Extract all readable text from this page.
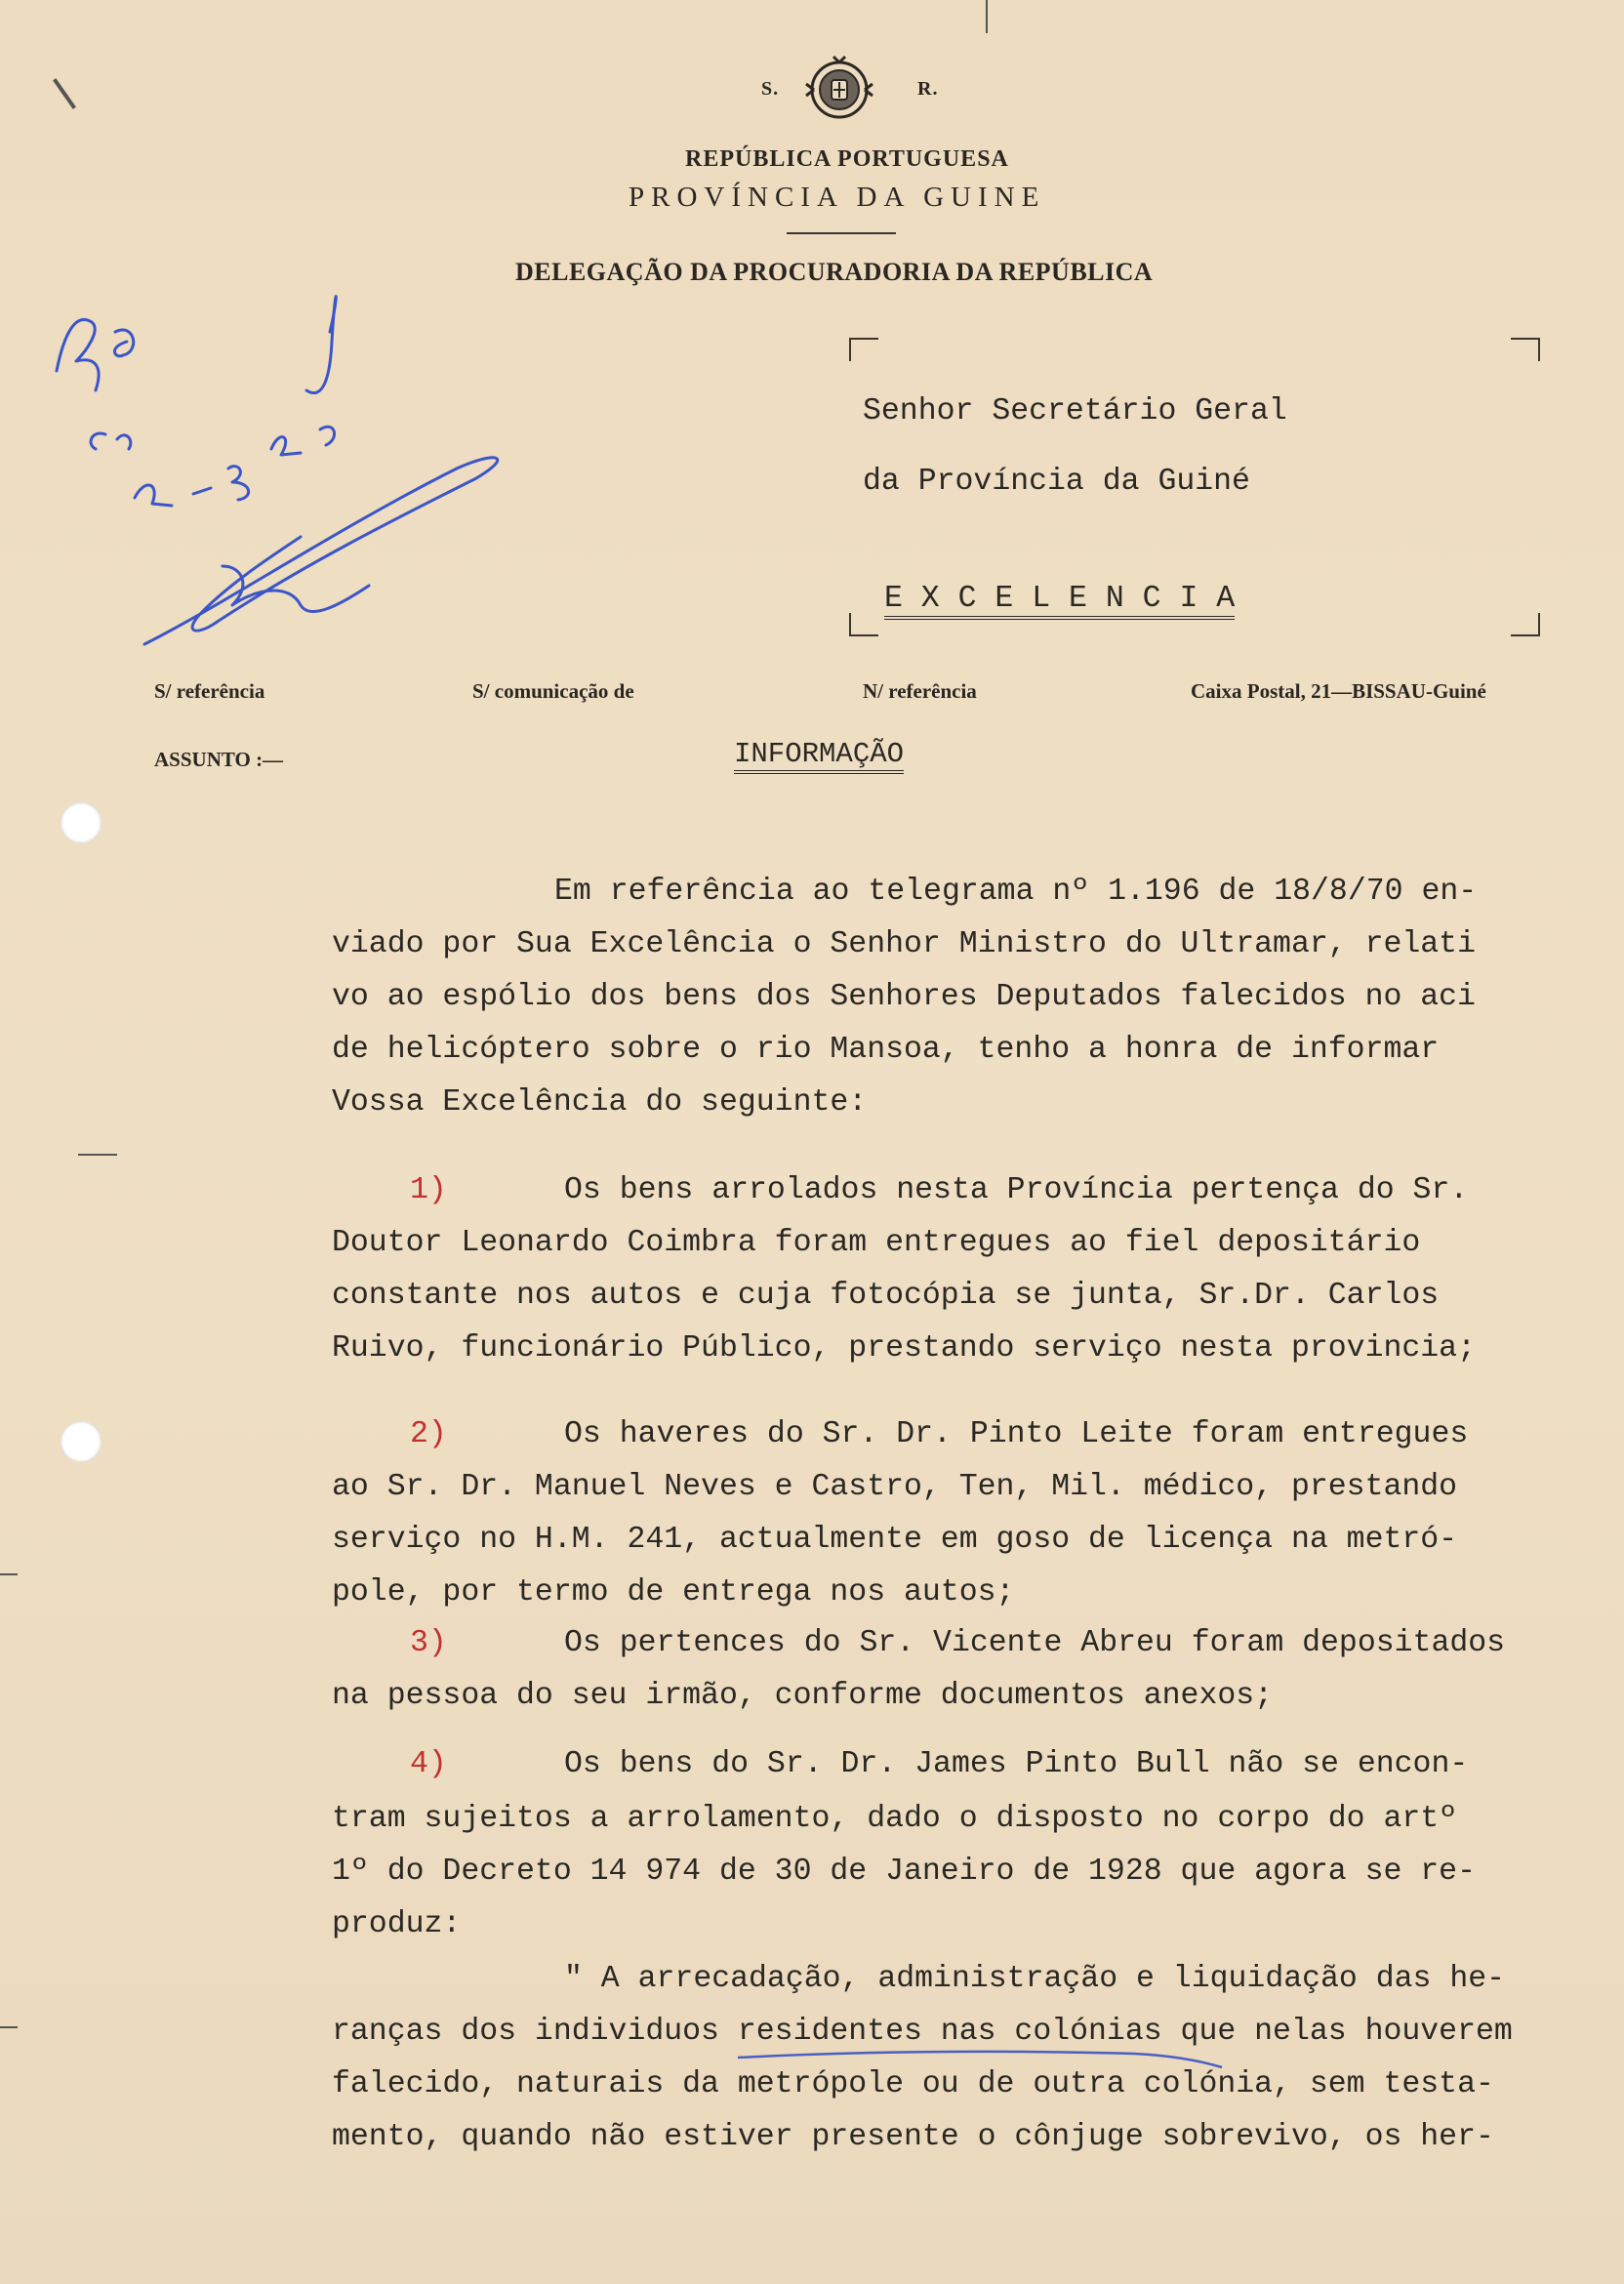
S.	R.
REPÚBLICA PORTUGUESA
PROVÍNCIA DA GUINE
DELEGAÇÃO DA PROCURADORIA DA REPÚBLICA
Senhor Secretário Geral
da Província da Guiné
E X C E L E N C I A
S/ referência	S/ comunicação de	N/ referência	Caixa Postal, 21—BISSAU-Guiné
ASSUNTO :—	INFORMAÇÃO
Em referência ao telegrama nº 1.196 de 18/8/70 en-
viado por Sua Excelência o Senhor Ministro do Ultramar, relati
vo ao espólio dos bens dos Senhores Deputados falecidos no aci
de helicóptero sobre o rio Mansoa, tenho a honra de informar
Vossa Excelência do seguinte:
1)	Os bens arrolados nesta Província pertença do Sr.
Doutor Leonardo Coimbra foram entregues ao fiel depositário
constante nos autos e cuja fotocópia se junta, Sr.Dr. Carlos
Ruivo, funcionário Público, prestando serviço nesta provincia;
2)	Os haveres do Sr. Dr. Pinto Leite foram entregues
ao Sr. Dr. Manuel Neves e Castro, Ten, Mil. médico, prestando
serviço no H.M. 241, actualmente em goso de licença na metró-
pole, por termo de entrega nos autos;
3)	Os pertences do Sr. Vicente Abreu foram depositados
na pessoa do seu irmão, conforme documentos anexos;
4)	Os bens do Sr. Dr. James Pinto Bull não se encon-
tram sujeitos a arrolamento, dado o disposto no corpo do artº
1º do Decreto 14 974 de 30 de Janeiro de 1928 que agora se re-
produz:
" A arrecadação, administração e liquidação das he-
ranças dos individuos residentes nas colónias que nelas houverem
falecido, naturais da metrópole ou de outra colónia, sem testa-
mento, quando não estiver presente o cônjuge sobrevivo, os her-
